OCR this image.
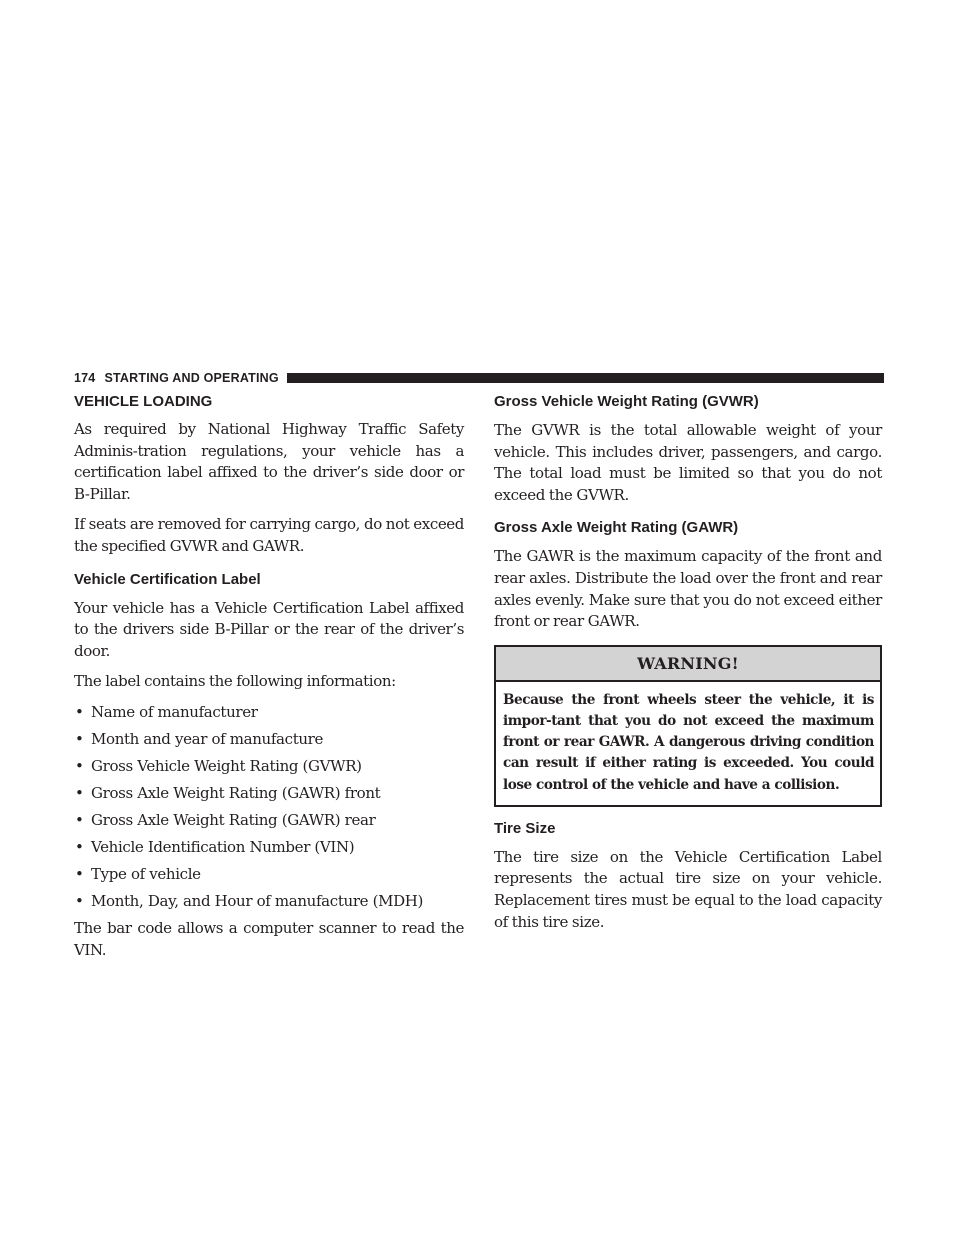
174 STARTING AND OPERATING
VEHICLE LOADING

As required by National Highway Traffic Safety Adminis-tration regulations, your vehicle has a certification label affixed to the driver’s side door or B-Pillar.

If seats are removed for carrying cargo, do not exceed the specified GVWR and GAWR.

Vehicle Certification Label

Your vehicle has a Vehicle Certification Label affixed to the drivers side B-Pillar or the rear of the driver’s door.

The label contains the following information:

• Name of manufacturer
• Month and year of manufacture
• Gross Vehicle Weight Rating (GVWR)
• Gross Axle Weight Rating (GAWR) front
• Gross Axle Weight Rating (GAWR) rear
• Vehicle Identification Number (VIN)
• Type of vehicle
• Month, Day, and Hour of manufacture (MDH)

The bar code allows a computer scanner to read the VIN.

Gross Vehicle Weight Rating (GVWR)

The GVWR is the total allowable weight of your vehicle. This includes driver, passengers, and cargo. The total load must be limited so that you do not exceed the GVWR.

Gross Axle Weight Rating (GAWR)

The GAWR is the maximum capacity of the front and rear axles. Distribute the load over the front and rear axles evenly. Make sure that you do not exceed either front or rear GAWR.

WARNING!
Because the front wheels steer the vehicle, it is impor-tant that you do not exceed the maximum front or rear GAWR. A dangerous driving condition can result if either rating is exceeded. You could lose control of the vehicle and have a collision.
Tire Size

The tire size on the Vehicle Certification Label represents the actual tire size on your vehicle. Replacement tires must be equal to the load capacity of this tire size.
